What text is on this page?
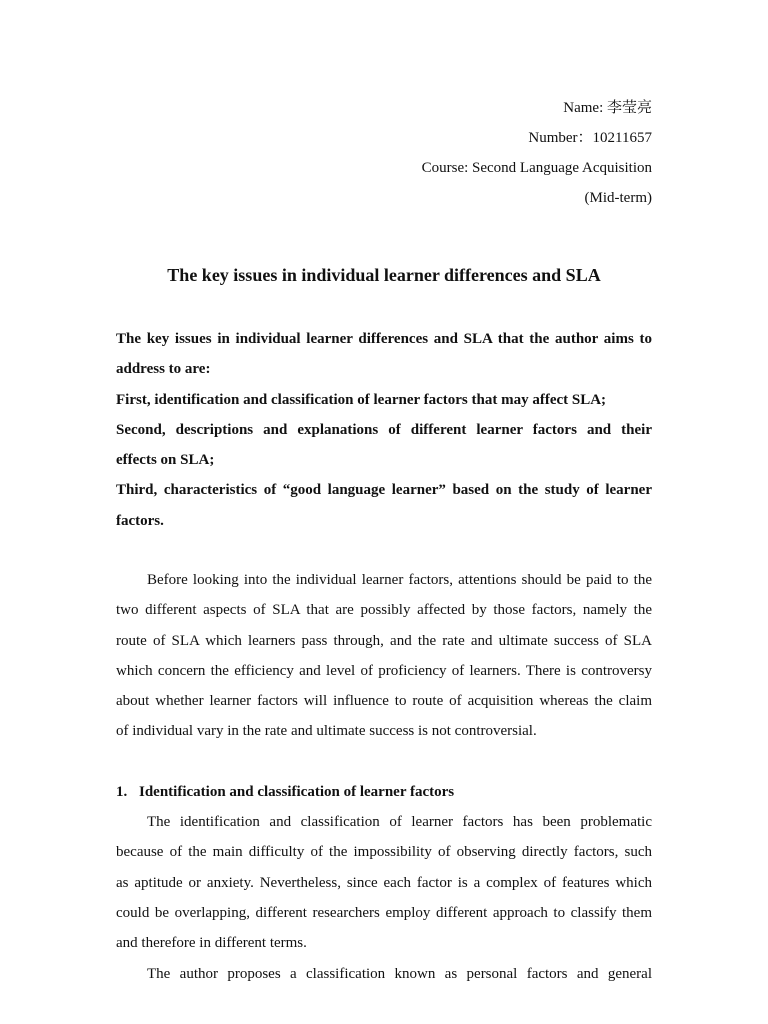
Name: 李莹亮
Number：10211657
Course: Second Language Acquisition
(Mid-term)
The key issues in individual learner differences and SLA
The key issues in individual learner differences and SLA that the author aims to
address to are:
First, identification and classification of learner factors that may affect SLA;
Second, descriptions and explanations of different learner factors and their
effects on SLA;
Third, characteristics of “good language learner” based on the study of learner
factors.
Before looking into the individual learner factors, attentions should be paid to the
two different aspects of SLA that are possibly affected by those factors, namely the
route of SLA which learners pass through, and the rate and ultimate success of SLA
which concern the efficiency and level of proficiency of learners. There is controversy
about whether learner factors will influence to route of acquisition whereas the claim
of individual vary in the rate and ultimate success is not controversial.
1. Identification and classification of learner factors
The identification and classification of learner factors has been problematic
because of the main difficulty of the impossibility of observing directly factors, such
as aptitude or anxiety. Nevertheless, since each factor is a complex of features which
could be overlapping, different researchers employ different approach to classify them
and therefore in different terms.
The author proposes a classification known as personal factors and general
